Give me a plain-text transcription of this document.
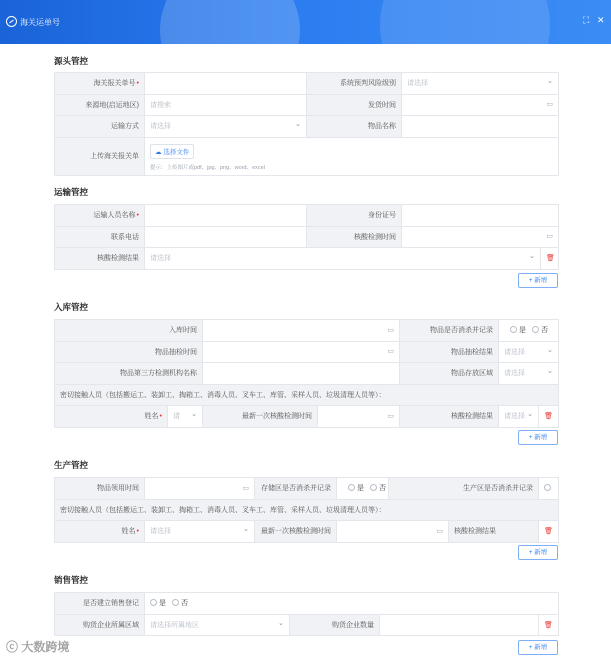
海关运单号	⛶ ✕
源头管控
海关报关单号•		系统预判风险级别	请选择 ⌄

来源地(启运地区)	请搜索	发货时间	▭

运输方式	请选择 ⌄	物品名称	
上传海关报关单	☁ 选择文件
提示：上传图片或pdf、jpg、png、word、excel		
运输管控
运输人员名称•		身份证号		
联系电话		核酸检测时间	▭	

核酸检测结果	请选择 ⌄			🗑
+ 新增
入库管控
入库时间		▭		物品是否消杀并记录	是 否	
物品抽检时间		▭		物品抽检结果	请选择 ⌄	

物品第三方检测机构名称				物品存放区域	请选择 ⌄	

密切接触人员（包括搬运工、装卸工、掏箱工、消毒人员、叉车工、库管、采样人员、垃圾清理人员等）：						
姓名•	请 ⌄	最新一次核酸检测时间	▭	核酸检测结果	请选择 ⌄	🗑
+ 新增
生产管控
物品领用时间	▭	存储区是否消杀并记录	是 否	生产区是否消杀并记录		
密切接触人员（包括搬运工、装卸工、掏箱工、消毒人员、叉车工、库管、采样人员、垃圾清理人员等）：						
姓名•	请选择 ⌄	最新一次核酸检测时间	▭		核酸检测结果	🗑
+ 新增
销售管控
是否建立销售登记	是 否			
购货企业所属区域	请选择所属地区 ⌄	购货企业数量		🗑
+ 新增
ⓒ 大数跨境
